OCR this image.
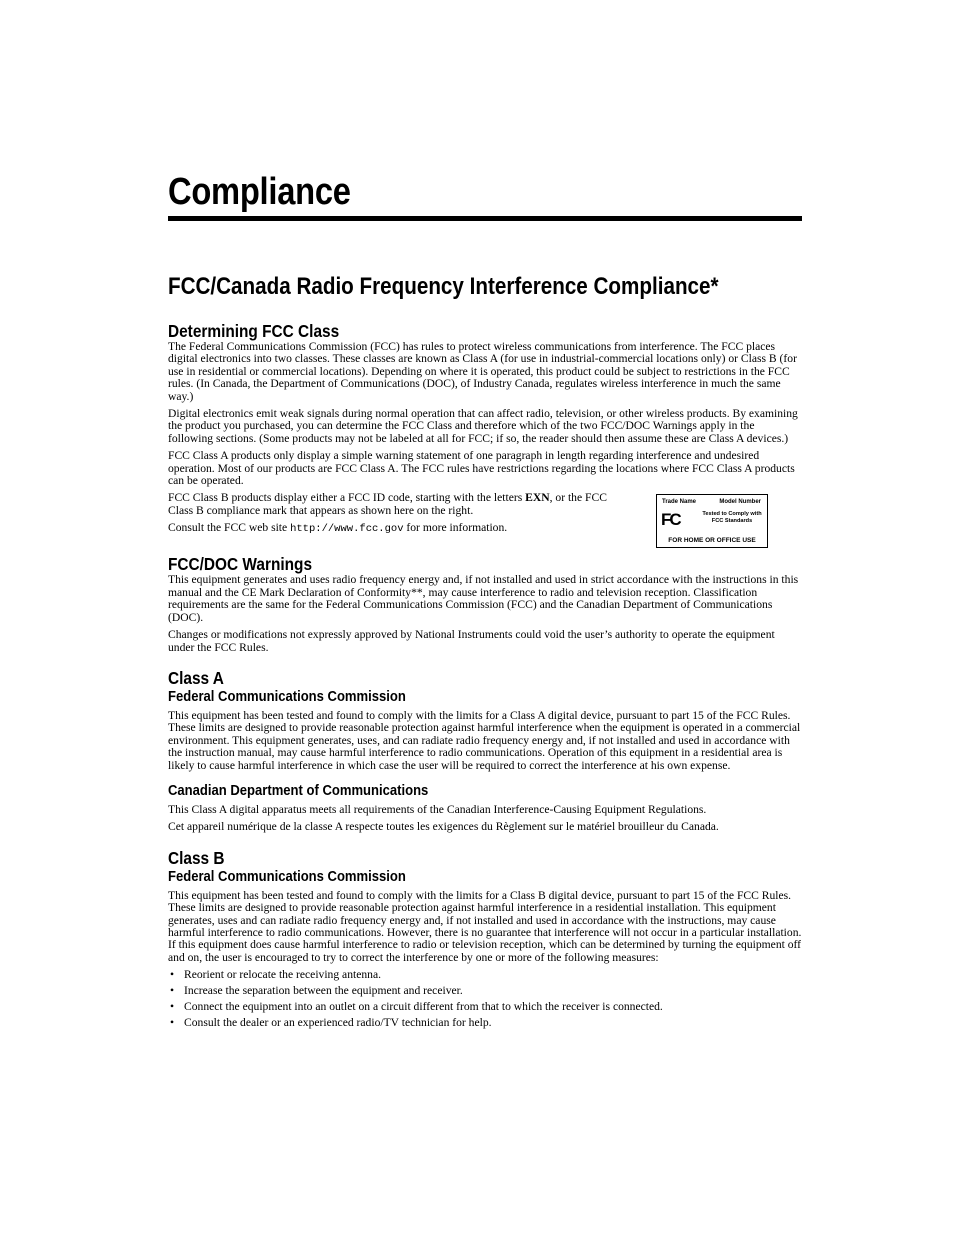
Compliance
FCC/Canada Radio Frequency Interference Compliance*
Determining FCC Class

The Federal Communications Commission (FCC) has rules to protect wireless communications from interference. The FCC places digital electronics into two classes. These classes are known as Class A (for use in industrial-commercial locations only) or Class B (for use in residential or commercial locations). Depending on where it is operated, this product could be subject to restrictions in the FCC rules. (In Canada, the Department of Communications (DOC), of Industry Canada, regulates wireless interference in much the same way.)

Digital electronics emit weak signals during normal operation that can affect radio, television, or other wireless products. By examining the product you purchased, you can determine the FCC Class and therefore which of the two FCC/DOC Warnings apply in the following sections. (Some products may not be labeled at all for FCC; if so, the reader should then assume these are Class A devices.)

FCC Class A products only display a simple warning statement of one paragraph in length regarding interference and undesired operation. Most of our products are FCC Class A. The FCC rules have restrictions regarding the locations where FCC Class A products can be operated.

FCC Class B products display either a FCC ID code, starting with the letters EXN, or the FCC Class B compliance mark that appears as shown here on the right.

Consult the FCC web site http://www.fcc.gov for more information.

Trade Name	Model Number
FC	Tested to Comply with FCC Standards
FOR HOME OR OFFICE USE
FCC/DOC Warnings

This equipment generates and uses radio frequency energy and, if not installed and used in strict accordance with the instructions in this manual and the CE Mark Declaration of Conformity**, may cause interference to radio and television reception. Classification requirements are the same for the Federal Communications Commission (FCC) and the Canadian Department of Communications (DOC).

Changes or modifications not expressly approved by National Instruments could void the user’s authority to operate the equipment under the FCC Rules.

Class A
Federal Communications Commission

This equipment has been tested and found to comply with the limits for a Class A digital device, pursuant to part 15 of the FCC Rules. These limits are designed to provide reasonable protection against harmful interference when the equipment is operated in a commercial environment. This equipment generates, uses, and can radiate radio frequency energy and, if not installed and used in accordance with the instruction manual, may cause harmful interference to radio communications. Operation of this equipment in a residential area is likely to cause harmful interference in which case the user will be required to correct the interference at his own expense.

Canadian Department of Communications

This Class A digital apparatus meets all requirements of the Canadian Interference-Causing Equipment Regulations.

Cet appareil numérique de la classe A respecte toutes les exigences du Règlement sur le matériel brouilleur du Canada.

Class B
Federal Communications Commission

This equipment has been tested and found to comply with the limits for a Class B digital device, pursuant to part 15 of the FCC Rules. These limits are designed to provide reasonable protection against harmful interference in a residential installation. This equipment generates, uses and can radiate radio frequency energy and, if not installed and used in accordance with the instructions, may cause harmful interference to radio communications. However, there is no guarantee that interference will not occur in a particular installation. If this equipment does cause harmful interference to radio or television reception, which can be determined by turning the equipment off and on, the user is encouraged to try to correct the interference by one or more of the following measures:

• Reorient or relocate the receiving antenna.
• Increase the separation between the equipment and receiver.
• Connect the equipment into an outlet on a circuit different from that to which the receiver is connected.
• Consult the dealer or an experienced radio/TV technician for help.
